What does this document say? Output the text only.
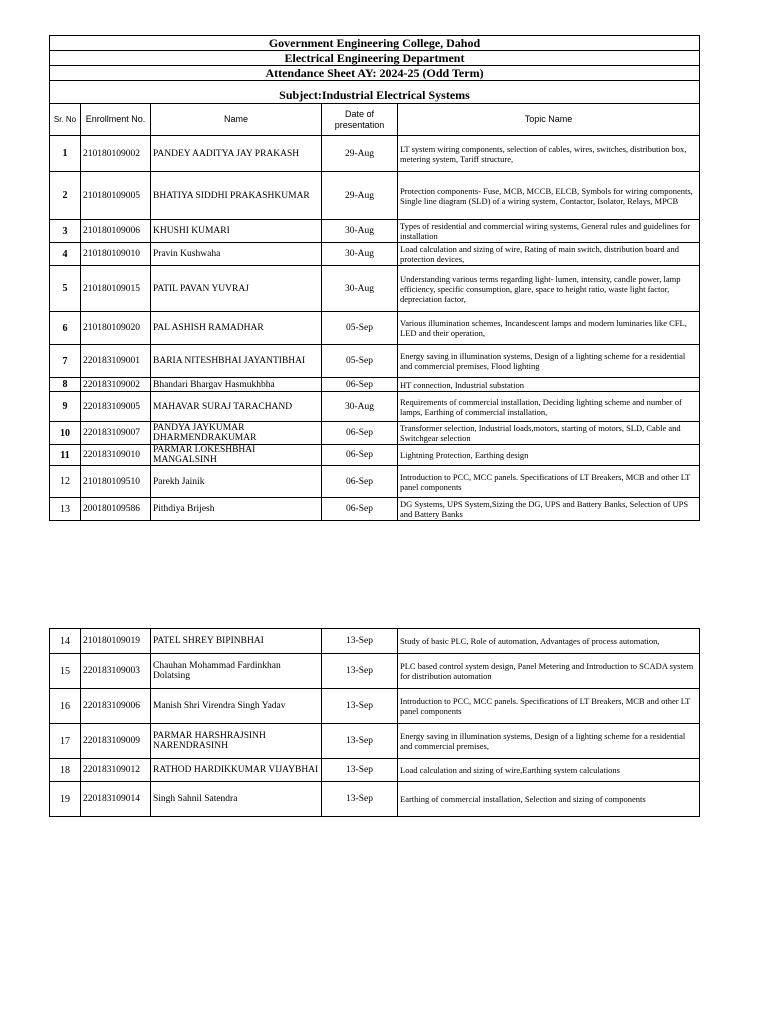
Government Engineering College, Dahod				
Electrical Engineering Department				
Attendance Sheet AY: 2024-25 (Odd Term)				
Subject:Industrial Electrical Systems				
Sr. No	Enrollment No.	Name	Date of presentation	Topic Name
1	210180109002	PANDEY AADITYA JAY PRAKASH	29-Aug	LT system wiring components, selection of cables, wires, switches, distribution box, metering system, Tariff structure,
2	210180109005	BHATIYA SIDDHI PRAKASHKUMAR	29-Aug	Protection components- Fuse, MCB, MCCB, ELCB, Symbols for wiring components, Single line diagram (SLD) of a wiring system, Contactor, Isolator, Relays, MPCB
3	210180109006	KHUSHI KUMARI	30-Aug	Types of residential and commercial wiring systems, General rules and guidelines for installation
4	210180109010	Pravin Kushwaha	30-Aug	Load calculation and sizing of wire, Rating of main switch, distribution board and protection devices,
5	210180109015	PATIL PAVAN YUVRAJ	30-Aug	Understanding various terms regarding light- lumen, intensity, candle power, lamp efficiency, specific consumption, glare, space to height ratio, waste light factor, depreciation factor,
6	210180109020	PAL ASHISH RAMADHAR	05-Sep	Various illumination schemes, Incandescent lamps and modern luminaries like CFL, LED and their operation,
7	220183109001	BARIA NITESHBHAI JAYANTIBHAI	05-Sep	Energy saving in illumination systems, Design of a lighting scheme for a residential and commercial premises, Flood lighting
8	220183109002	Bhandari Bhargav Hasmukhbha	06-Sep	HT connection, Industrial substation
9	220183109005	MAHAVAR SURAJ TARACHAND	30-Aug	Requirements of commercial installation, Deciding lighting scheme and number of lamps, Earthing of commercial installation,
10	220183109007	PANDYA JAYKUMAR DHARMENDRAKUMAR	06-Sep	Transformer selection, Industrial loads,motors, starting of motors, SLD, Cable and Switchgear selection
11	220183109010	PARMAR LOKESHBHAI MANGALSINH	06-Sep	Lightning Protection, Earthing design
12	210180109510	Parekh Jainik	06-Sep	Introduction to PCC, MCC panels. Specifications of LT Breakers, MCB and other LT panel components
13	200180109586	Pithdiya Brijesh	06-Sep	DG Systems, UPS System,Sizing the DG, UPS and Battery Banks, Selection of UPS and Battery Banks
14	210180109019	PATEL SHREY BIPINBHAI	13-Sep	Study of basic PLC, Role of automation, Advantages of process automation,
15	220183109003	Chauhan Mohammad Fardinkhan Dolatsing	13-Sep	PLC based control system design, Panel Metering and Introduction to SCADA system for distribution automation
16	220183109006	Manish Shri Virendra Singh Yadav	13-Sep	Introduction to PCC, MCC panels. Specifications of LT Breakers, MCB and other LT panel components
17	220183109009	PARMAR HARSHRAJSINH NARENDRASINH	13-Sep	Energy saving in illumination systems, Design of a lighting scheme for a residential and commercial premises,
18	220183109012	RATHOD HARDIKKUMAR VIJAYBHAI	13-Sep	Load calculation and sizing of wire,Earthing system calculations
19	220183109014	Singh Sahnil Satendra	13-Sep	Earthing of commercial installation, Selection and sizing of components
